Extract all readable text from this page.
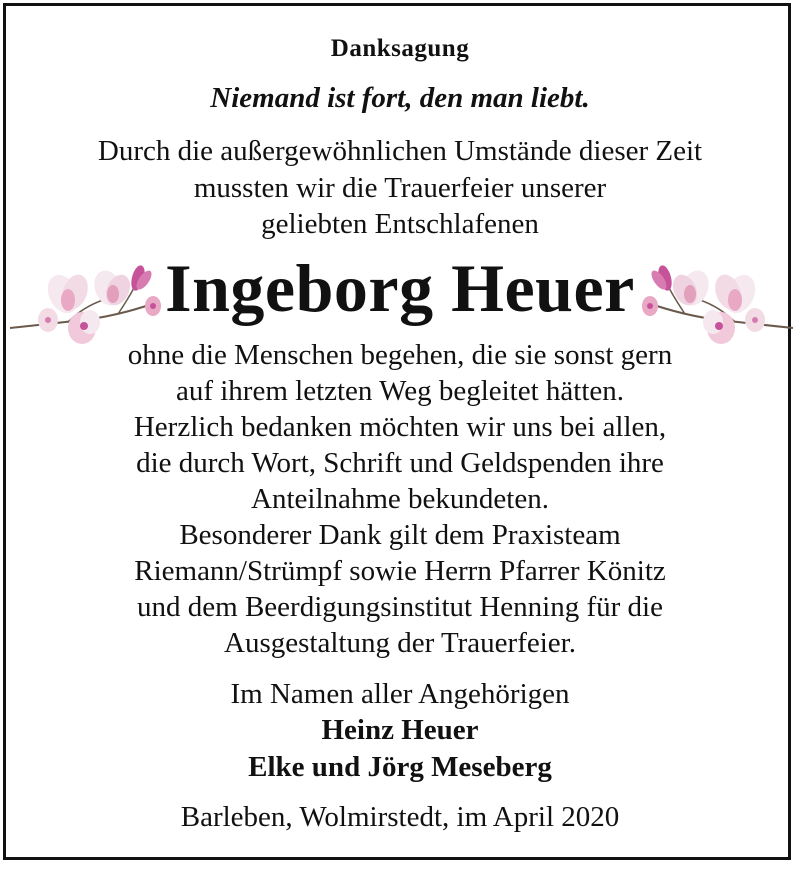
Danksagung
Niemand ist fort, den man liebt.
Durch die außergewöhnlichen Umstände dieser Zeit
mussten wir die Trauerfeier unserer
geliebten Entschlafenen
Ingeborg Heuer
ohne die Menschen begehen, die sie sonst gern
auf ihrem letzten Weg begleitet hätten.
Herzlich bedanken möchten wir uns bei allen,
die durch Wort, Schrift und Geldspenden ihre
Anteilnahme bekundeten.
Besonderer Dank gilt dem Praxisteam
Riemann/Strümpf sowie Herrn Pfarrer Könitz
und dem Beerdigungsinstitut Henning für die
Ausgestaltung der Trauerfeier.
Im Namen aller Angehörigen
Heinz Heuer
Elke und Jörg Meseberg
Barleben, Wolmirstedt, im April 2020
